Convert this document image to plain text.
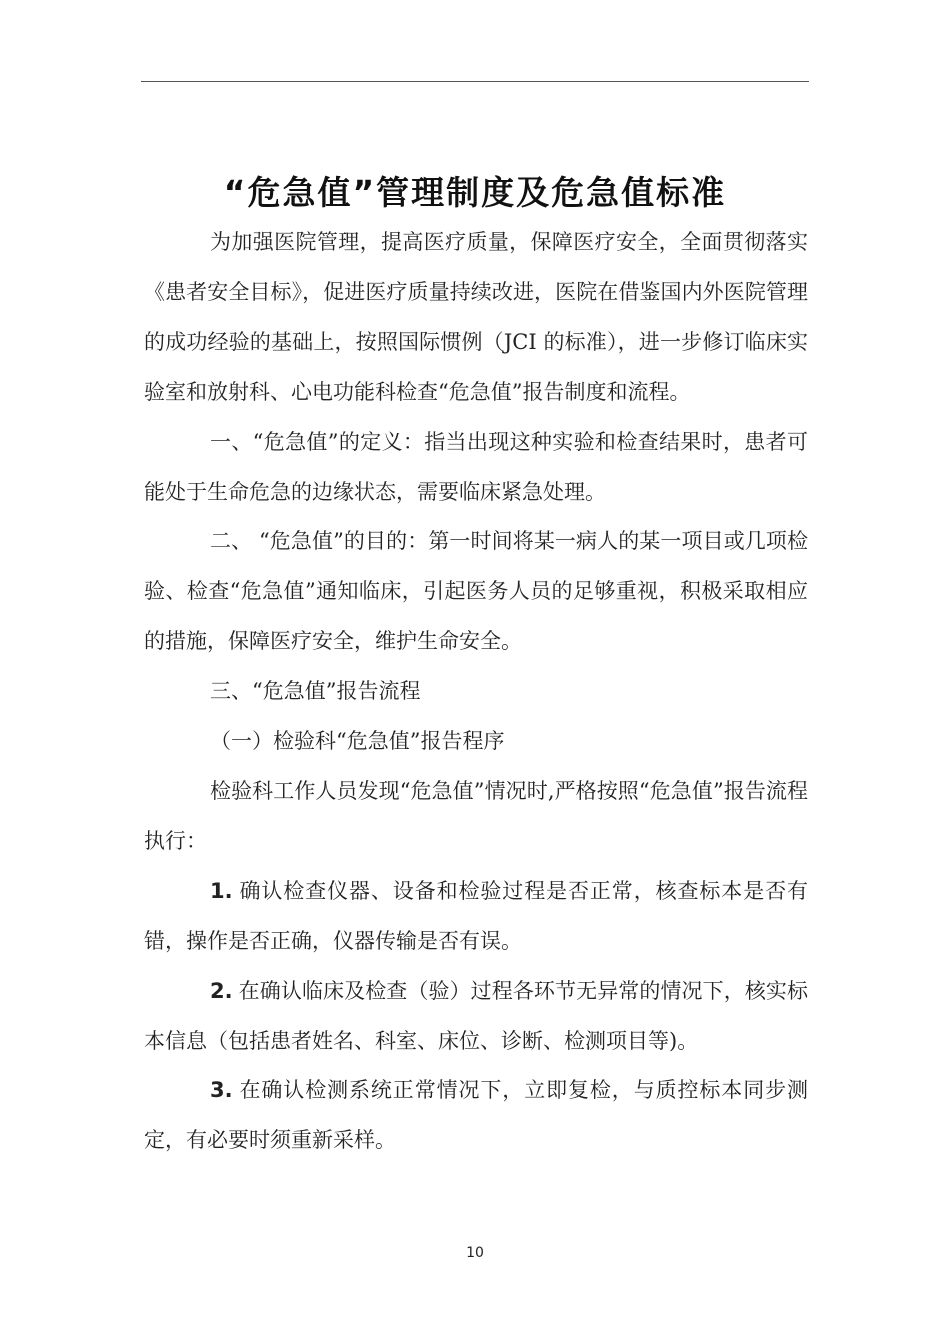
“危急值”管理制度及危急值标准

为加强医院管理，提高医疗质量，保障医疗安全，全面贯彻落实《患者安全目标》，促进医疗质量持续改进，医院在借鉴国内外医院管理的成功经验的基础上，按照国际惯例（JCI 的标准），进一步修订临床实验室和放射科、心电功能科检查“危急值”报告制度和流程。

一、“危急值”的定义：指当出现这种实验和检查结果时，患者可能处于生命危急的边缘状态，需要临床紧急处理。

二、 “危急值”的目的：第一时间将某一病人的某一项目或几项检验、检查“危急值”通知临床，引起医务人员的足够重视，积极采取相应的措施，保障医疗安全，维护生命安全。

三、“危急值”报告流程

（一）检验科“危急值”报告程序

检验科工作人员发现“危急值”情况时,严格按照“危急值”报告流程执行：

1. 确认检查仪器、设备和检验过程是否正常，核查标本是否有错，操作是否正确，仪器传输是否有误。

2. 在确认临床及检查（验）过程各环节无异常的情况下，核实标本信息（包括患者姓名、科室、床位、诊断、检测项目等)。

3. 在确认检测系统正常情况下，立即复检，与质控标本同步测定，有必要时须重新采样。

10
